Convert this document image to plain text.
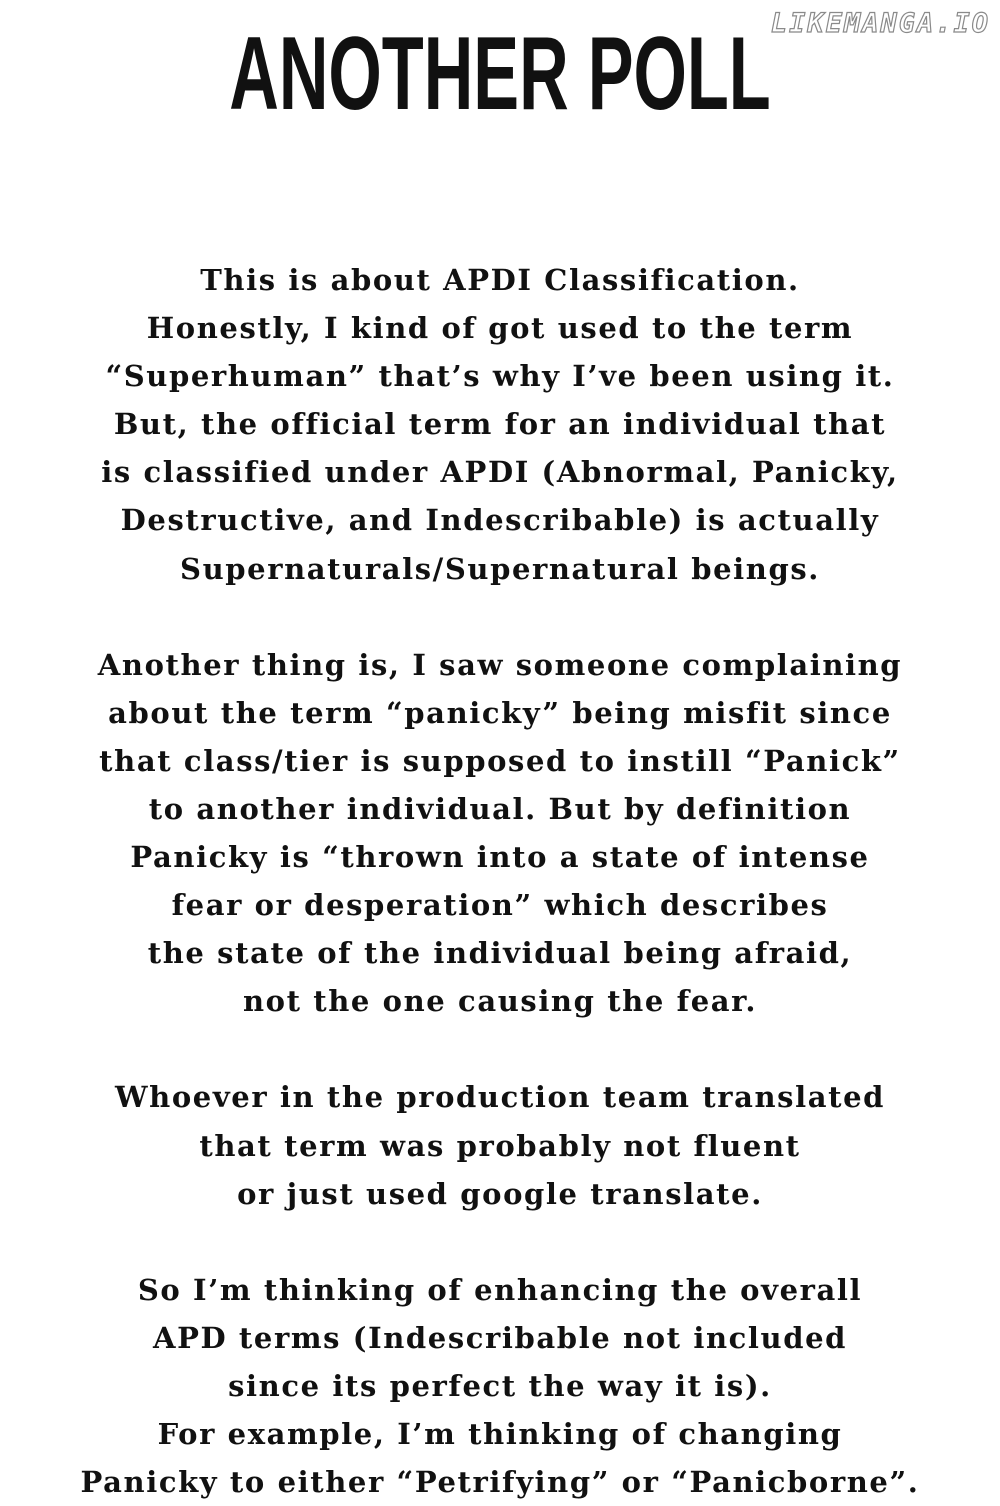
LIKEMANGA.IO
ANOTHER POLL
This is about APDI Classification.
Honestly, I kind of got used to the term
“Superhuman” that’s why I’ve been using it.
But, the official term for an individual that
is classified under APDI (Abnormal, Panicky,
Destructive, and Indescribable) is actually
Supernaturals/Supernatural beings.
Another thing is, I saw someone complaining
about the term “panicky” being misfit since
that class/tier is supposed to instill “Panick”
to another individual. But by definition
Panicky is “thrown into a state of intense
fear or desperation” which describes
the state of the individual being afraid,
not the one causing the fear.
Whoever in the production team translated
that term was probably not fluent
or just used google translate.
So I’m thinking of enhancing the overall
APD terms (Indescribable not included
since its perfect the way it is).
For example, I’m thinking of changing
Panicky to either “Petrifying” or “Panicborne”.
